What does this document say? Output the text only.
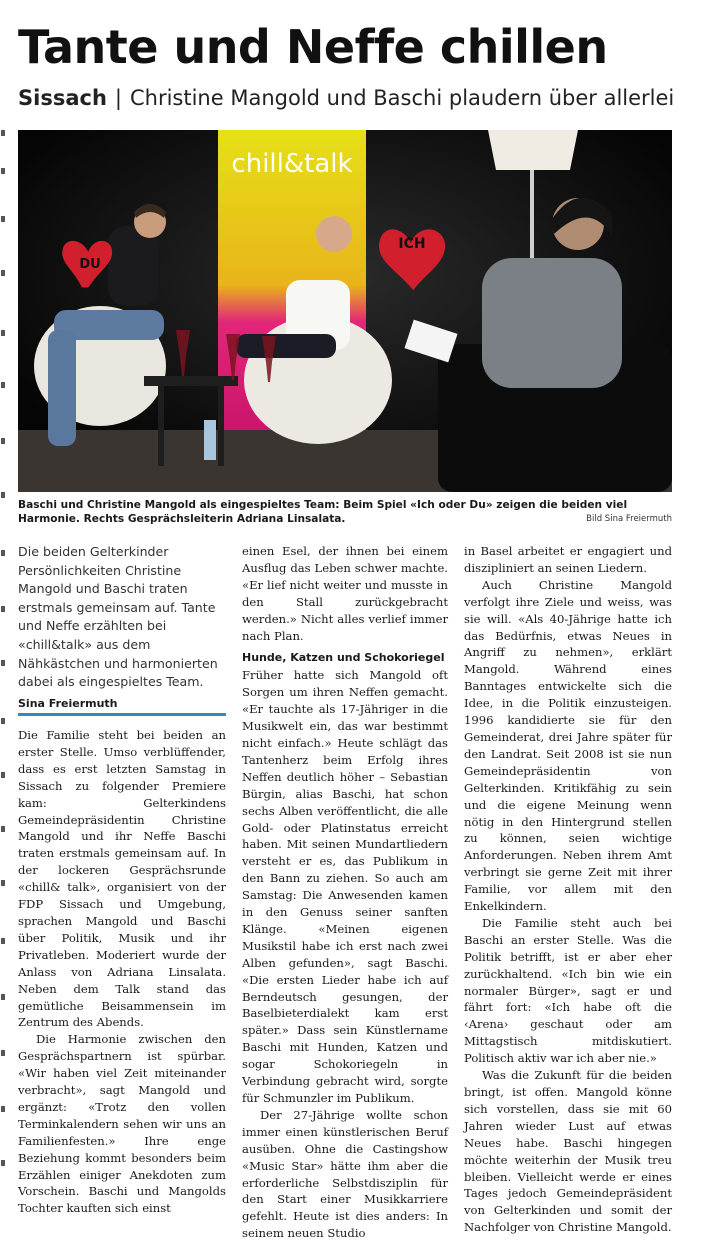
Tante und Neffe chillen
Sissach | Christine Mangold und Baschi plaudern über allerlei
chill&talk
DU
ICH
Baschi und Christine Mangold als eingespieltes Team: Beim Spiel «Ich oder Du» zeigen die beiden viel Harmonie. Rechts Gesprächsleiterin Adriana Linsalata.	Bild Sina Freiermuth
Die beiden Gelterkinder Persönlichkeiten Christine Mangold und Baschi traten erstmals gemeinsam auf. Tante und Neffe erzählten bei «chill&talk» aus dem Nähkästchen und harmonierten dabei als eingespieltes Team.
Sina Freiermuth

Die Familie steht bei beiden an erster Stelle. Umso verblüffender, dass es erst letzten Samstag in Sissach zu folgender Premiere kam: Gelterkindens Gemeindepräsidentin Christine Mangold und ihr Neffe Baschi traten erstmals gemeinsam auf. In der lockeren Gesprächsrunde «chill& talk», organisiert von der FDP Sissach und Umgebung, sprachen Mangold und Baschi über Politik, Musik und ihr Privatleben. Moderiert wurde der Anlass von Adriana Linsalata. Neben dem Talk stand das gemütliche Beisammensein im Zentrum des Abends.

Die Harmonie zwischen den Gesprächspartnern ist spürbar. «Wir haben viel Zeit miteinander verbracht», sagt Mangold und ergänzt: «Trotz den vollen Terminkalendern sehen wir uns an Familienfesten.» Ihre enge Beziehung kommt besonders beim Erzählen einiger Anekdoten zum Vorschein. Baschi und Mangolds Tochter kauften sich einst

einen Esel, der ihnen bei einem Ausflug das Leben schwer machte. «Er lief nicht weiter und musste in den Stall zurückgebracht werden.» Nicht alles verlief immer nach Plan.

Hunde, Katzen und Schokoriegel

Früher hatte sich Mangold oft Sorgen um ihren Neffen gemacht. «Er tauchte als 17-Jähriger in die Musikwelt ein, das war bestimmt nicht einfach.» Heute schlägt das Tantenherz beim Erfolg ihres Neffen deutlich höher – Sebastian Bürgin, alias Baschi, hat schon sechs Alben veröffentlicht, die alle Gold- oder Platinstatus erreicht haben. Mit seinen Mundartliedern versteht er es, das Publikum in den Bann zu ziehen. So auch am Samstag: Die Anwesenden kamen in den Genuss seiner sanften Klänge. «Meinen eigenen Musikstil habe ich erst nach zwei Alben gefunden», sagt Baschi. «Die ersten Lieder habe ich auf Berndeutsch gesungen, der Baselbieterdialekt kam erst später.» Dass sein Künstlername Baschi mit Hunden, Katzen und sogar Schokoriegeln in Verbindung gebracht wird, sorgte für Schmunzler im Publikum.

Der 27-Jährige wollte schon immer einen künstlerischen Beruf ausüben. Ohne die Castingshow «Music Star» hätte ihm aber die erforderliche Selbstdisziplin für den Start einer Musikkarriere gefehlt. Heute ist dies anders: In seinem neuen Studio

in Basel arbeitet er engagiert und diszipliniert an seinen Liedern.

Auch Christine Mangold verfolgt ihre Ziele und weiss, was sie will. «Als 40-Jährige hatte ich das Bedürfnis, etwas Neues in Angriff zu nehmen», erklärt Mangold. Während eines Banntages entwickelte sich die Idee, in die Politik einzusteigen. 1996 kandidierte sie für den Gemeinderat, drei Jahre später für den Landrat. Seit 2008 ist sie nun Gemeindepräsidentin von Gelterkinden. Kritikfähig zu sein und die eigene Meinung wenn nötig in den Hintergrund stellen zu können, seien wichtige Anforderungen. Neben ihrem Amt verbringt sie gerne Zeit mit ihrer Familie, vor allem mit den Enkelkindern.

Die Familie steht auch bei Baschi an erster Stelle. Was die Politik betrifft, ist er aber eher zurückhaltend. «Ich bin wie ein normaler Bürger», sagt er und fährt fort: «Ich habe oft die ‹Arena› geschaut oder am Mittagstisch mitdiskutiert. Politisch aktiv war ich aber nie.»

Was die Zukunft für die beiden bringt, ist offen. Mangold könne sich vorstellen, dass sie mit 60 Jahren wieder Lust auf etwas Neues habe. Baschi hingegen möchte weiterhin der Musik treu bleiben. Vielleicht werde er eines Tages jedoch Gemeindepräsident von Gelterkinden und somit der Nachfolger von Christine Mangold.
